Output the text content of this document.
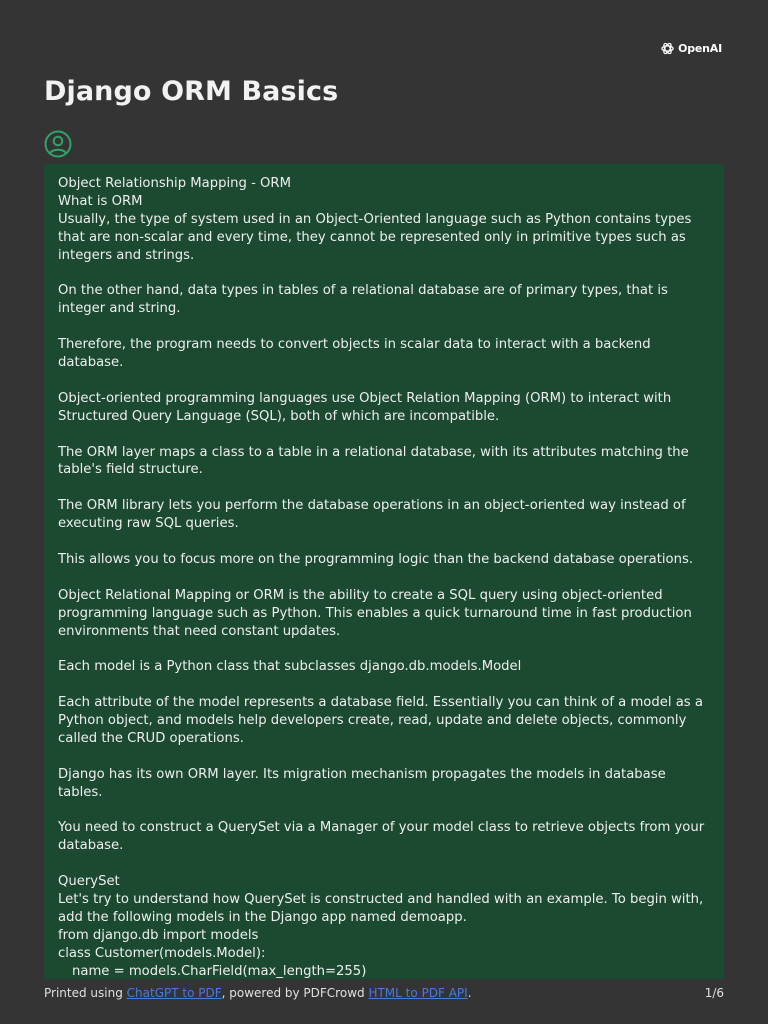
OpenAI
Django ORM Basics
Object Relationship Mapping - ORM
What is ORM
Usually, the type of system used in an Object-Oriented language such as Python contains types that are non-scalar and every time, they cannot be represented only in primitive types such as integers and strings.
On the other hand, data types in tables of a relational database are of primary types, that is integer and string.
Therefore, the program needs to convert objects in scalar data to interact with a backend database.
Object-oriented programming languages use Object Relation Mapping (ORM) to interact with Structured Query Language (SQL), both of which are incompatible.
The ORM layer maps a class to a table in a relational database, with its attributes matching the table's field structure.
The ORM library lets you perform the database operations in an object-oriented way instead of executing raw SQL queries.
This allows you to focus more on the programming logic than the backend database operations.
Object Relational Mapping or ORM is the ability to create a SQL query using object-oriented programming language such as Python. This enables a quick turnaround time in fast production environments that need constant updates.
Each model is a Python class that subclasses django.db.models.Model
Each attribute of the model represents a database field. Essentially you can think of a model as a Python object, and models help developers create, read, update and delete objects, commonly called the CRUD operations.
Django has its own ORM layer. Its migration mechanism propagates the models in database tables.
You need to construct a QuerySet via a Manager of your model class to retrieve objects from your database.
QuerySet
Let's try to understand how QuerySet is constructed and handled with an example. To begin with, add the following models in the Django app named demoapp.
from django.db import models
class Customer(models.Model):
name = models.CharField(max_length=255)
Printed using ChatGPT to PDF, powered by PDFCrowd HTML to PDF API.	1/6
